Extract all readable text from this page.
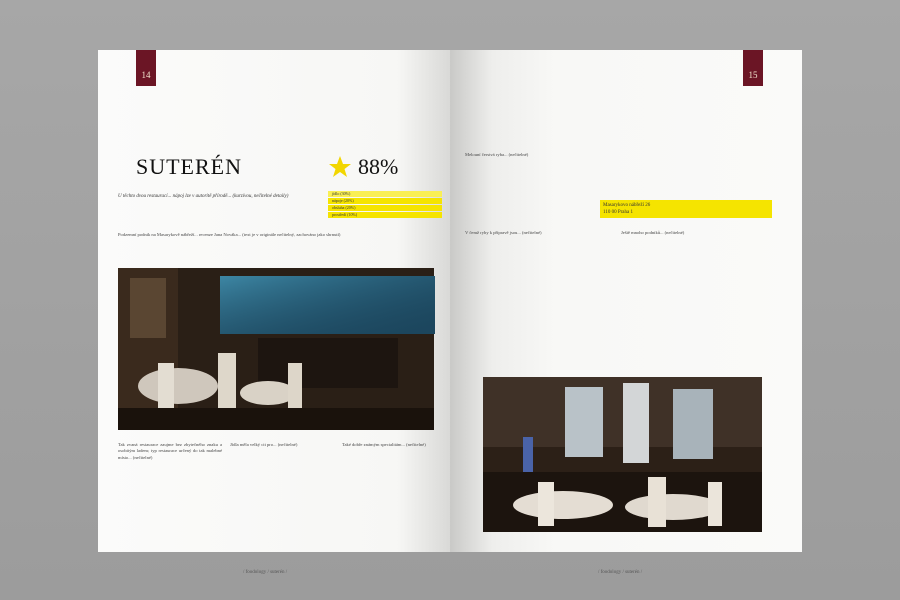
14
SUTERÉN	88%
jídlo (30%)
nápoje (20%)
obsluha (20%)
prostředí (10%)
U těchto dvou restaurací... nápoj lze v autoritě přírodě... (kurzívou, nečitelné detaily)
Podzemní podnik na Masarykově nábřeží... recenze Jana Nováka... (text je v originále nečitelný, zachováno jako shrnutí)
Tak zvaná restaurace zaujme bez zbytečného znaku a osobitým ladem; typ restaurace určený do tak malebné místo... (nečitelné)
Jídla měla velký cit pro... (nečitelné)	Také dobře známým specialitám... (nečitelné)
/ foodology / suterén /
15
Melouní čerstvá ryba... (nečitelné)
Masarykovo nábřeží 26
110 00 Praha 1
V čemž ryby k přípravě jsou... (nečitelné)	Ještě mnoho podniků... (nečitelné)
/ foodology / suterén /
